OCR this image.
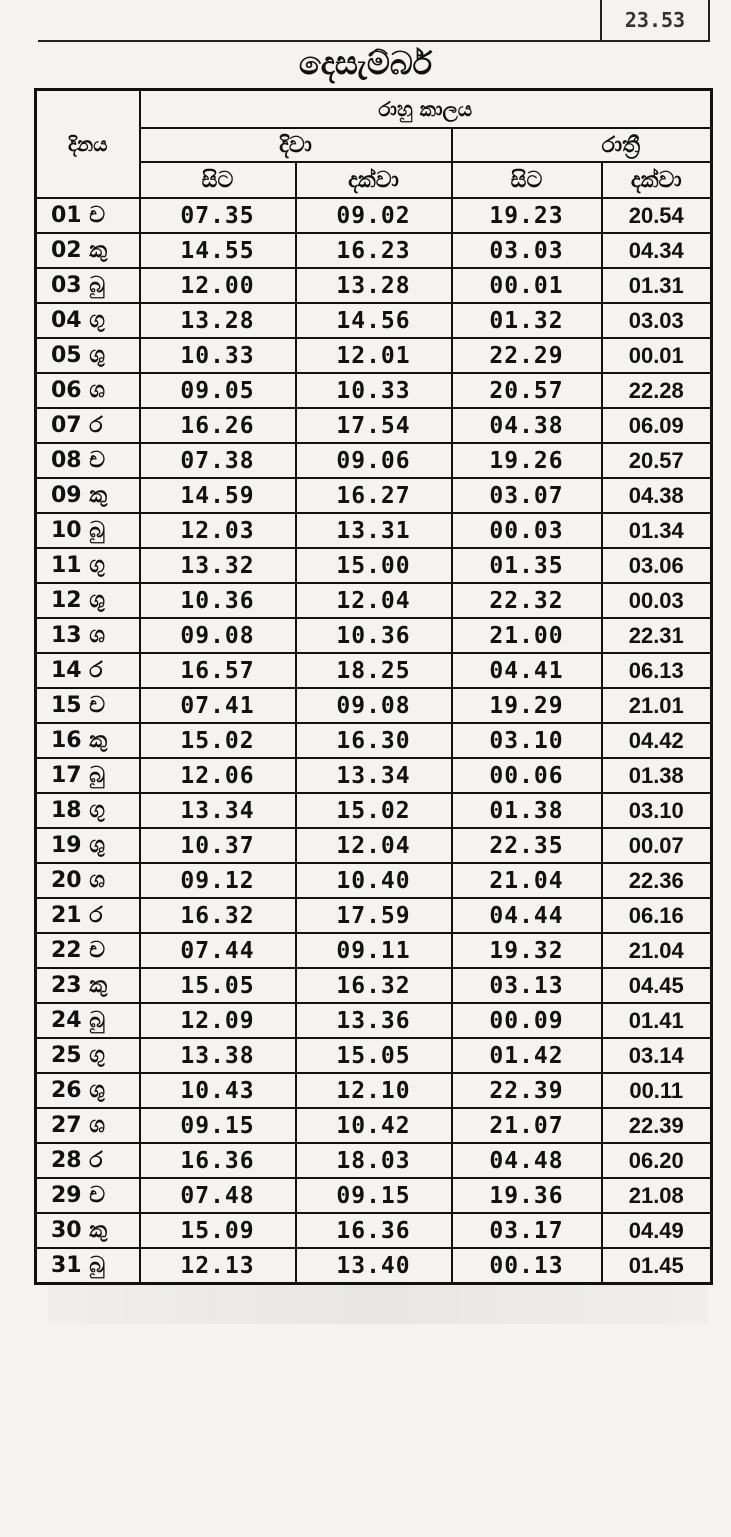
23.53
දෙසැම්බර්
දිනය	රාහු කාලය			
	දිවා		රාත්‍රී	
	සිට	දක්වා	සිට	දක්වා
01 ච	07.35	09.02	19.23	20.54
02 කු	14.55	16.23	03.03	04.34
03 බු	12.00	13.28	00.01	01.31
04 ගු	13.28	14.56	01.32	03.03
05 ශු	10.33	12.01	22.29	00.01
06 ශ	09.05	10.33	20.57	22.28
07 ර	16.26	17.54	04.38	06.09
08 ච	07.38	09.06	19.26	20.57
09 කු	14.59	16.27	03.07	04.38
10 බු	12.03	13.31	00.03	01.34
11 ගු	13.32	15.00	01.35	03.06
12 ශු	10.36	12.04	22.32	00.03
13 ශ	09.08	10.36	21.00	22.31
14 ර	16.57	18.25	04.41	06.13
15 ච	07.41	09.08	19.29	21.01
16 කු	15.02	16.30	03.10	04.42
17 බු	12.06	13.34	00.06	01.38
18 ගු	13.34	15.02	01.38	03.10
19 ශු	10.37	12.04	22.35	00.07
20 ශ	09.12	10.40	21.04	22.36
21 ර	16.32	17.59	04.44	06.16
22 ච	07.44	09.11	19.32	21.04
23 කු	15.05	16.32	03.13	04.45
24 බු	12.09	13.36	00.09	01.41
25 ගු	13.38	15.05	01.42	03.14
26 ශු	10.43	12.10	22.39	00.11
27 ශ	09.15	10.42	21.07	22.39
28 ර	16.36	18.03	04.48	06.20
29 ච	07.48	09.15	19.36	21.08
30 කු	15.09	16.36	03.17	04.49
31 බු	12.13	13.40	00.13	01.45
